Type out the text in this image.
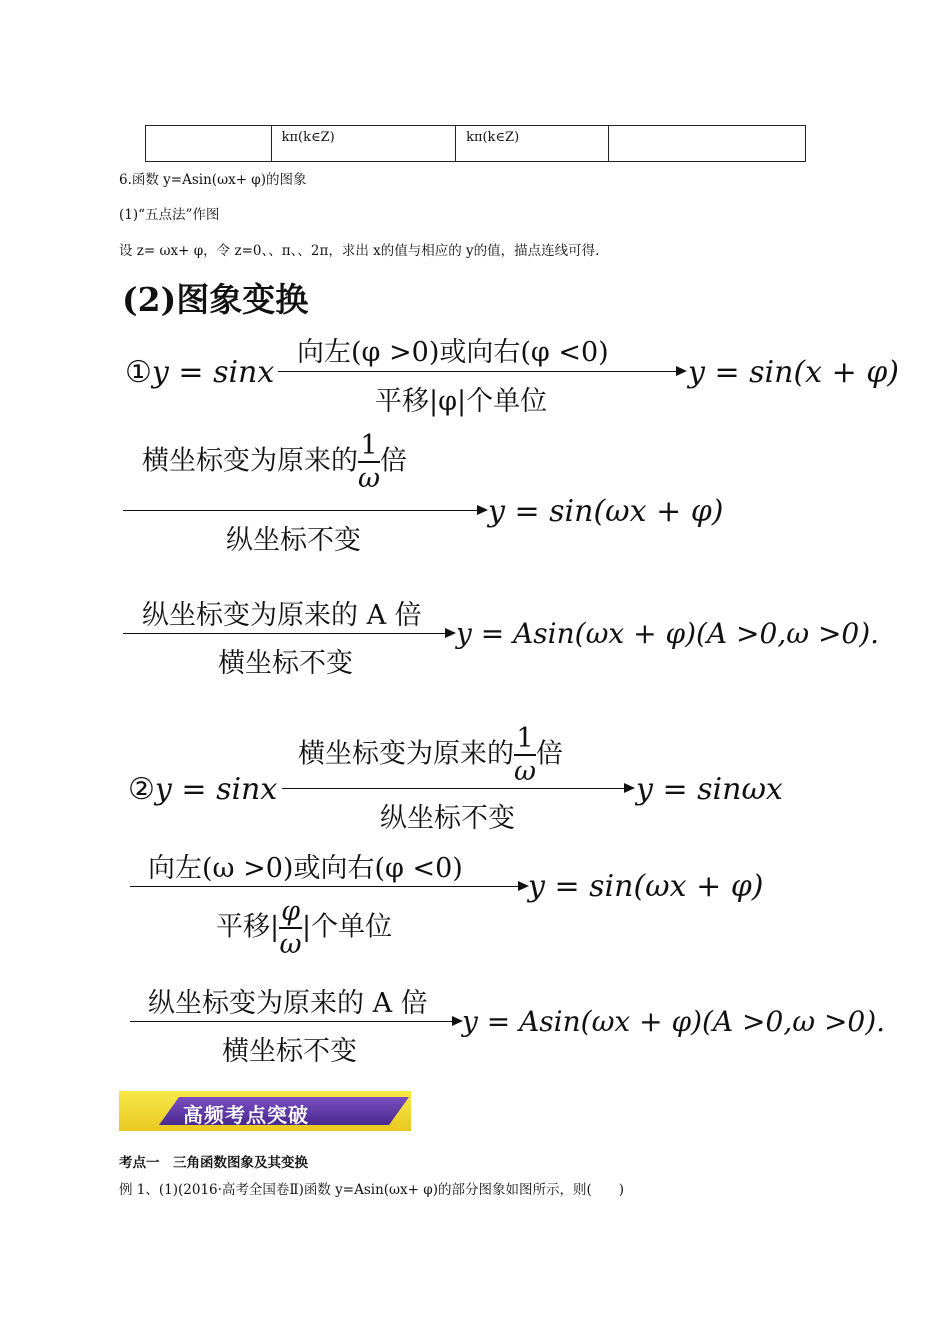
kπ(k∈Z)	kπ(k∈Z)
6.函数 y=Asin(ωx+ φ)的图象
(1)“五点法”作图
设 z= ωx+ φ，令 z=0、、π、、2π，求出 x的值与相应的 y的值，描点连线可得.
(2)图象变换
①y = sinx
向左(φ >0)或向右(φ <0)
平移|φ|个单位
y = sin(x + φ)
横坐标变为原来的 $\frac{1}{\omega}$ 倍
纵坐标不变
y = sin(ωx + φ)
纵坐标变为原来的 A 倍
横坐标不变
y = Asin(ωx + φ)(A >0,ω >0).
横坐标变为原来的 $\frac{1}{\omega}$ 倍
②y = sinx
纵坐标不变
y = sinωx
向左(ω >0)或向右(φ <0)
平移| $\frac{\varphi}{\omega}$ |个单位
y = sin(ωx + φ)
纵坐标变为原来的 A 倍
横坐标不变
y = Asin(ωx + φ)(A >0,ω >0).
高频考点突破
考点一　三角函数图象及其变换
例 1、(1)(2016·高考全国卷Ⅱ)函数 y=Asin(ωx+ φ)的部分图象如图所示，则(　　)
